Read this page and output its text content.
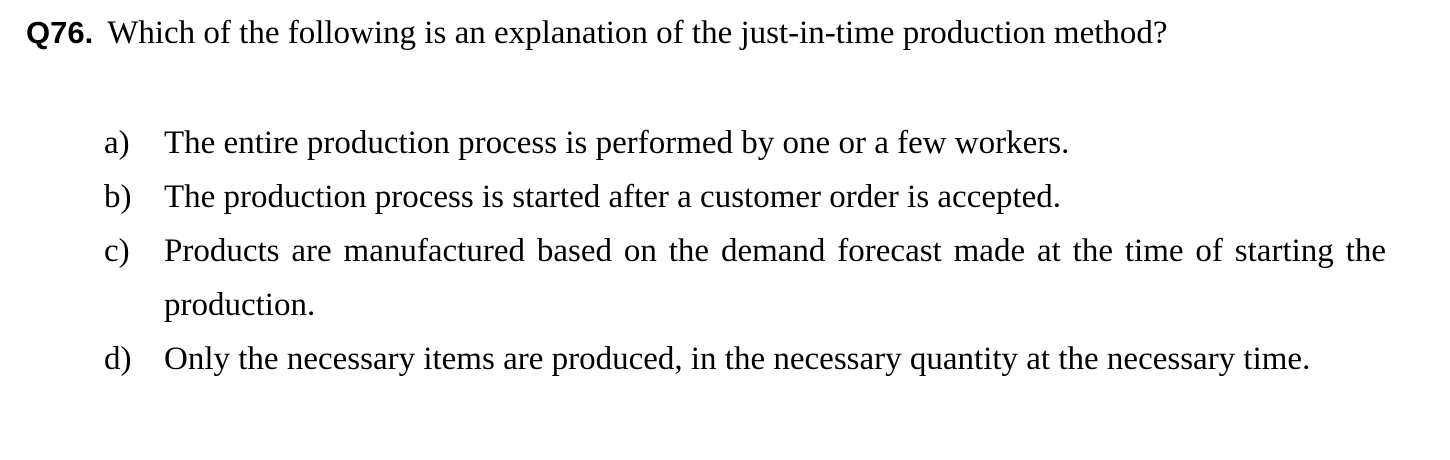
Q76. Which of the following is an explanation of the just-in-time production method?
a)	The entire production process is performed by one or a few workers.
b) The production process is started after a customer order is accepted.
c)	Products are manufactured based on the demand forecast made at the time of starting the production.
d) Only the necessary items are produced, in the necessary quantity at the necessary time.
